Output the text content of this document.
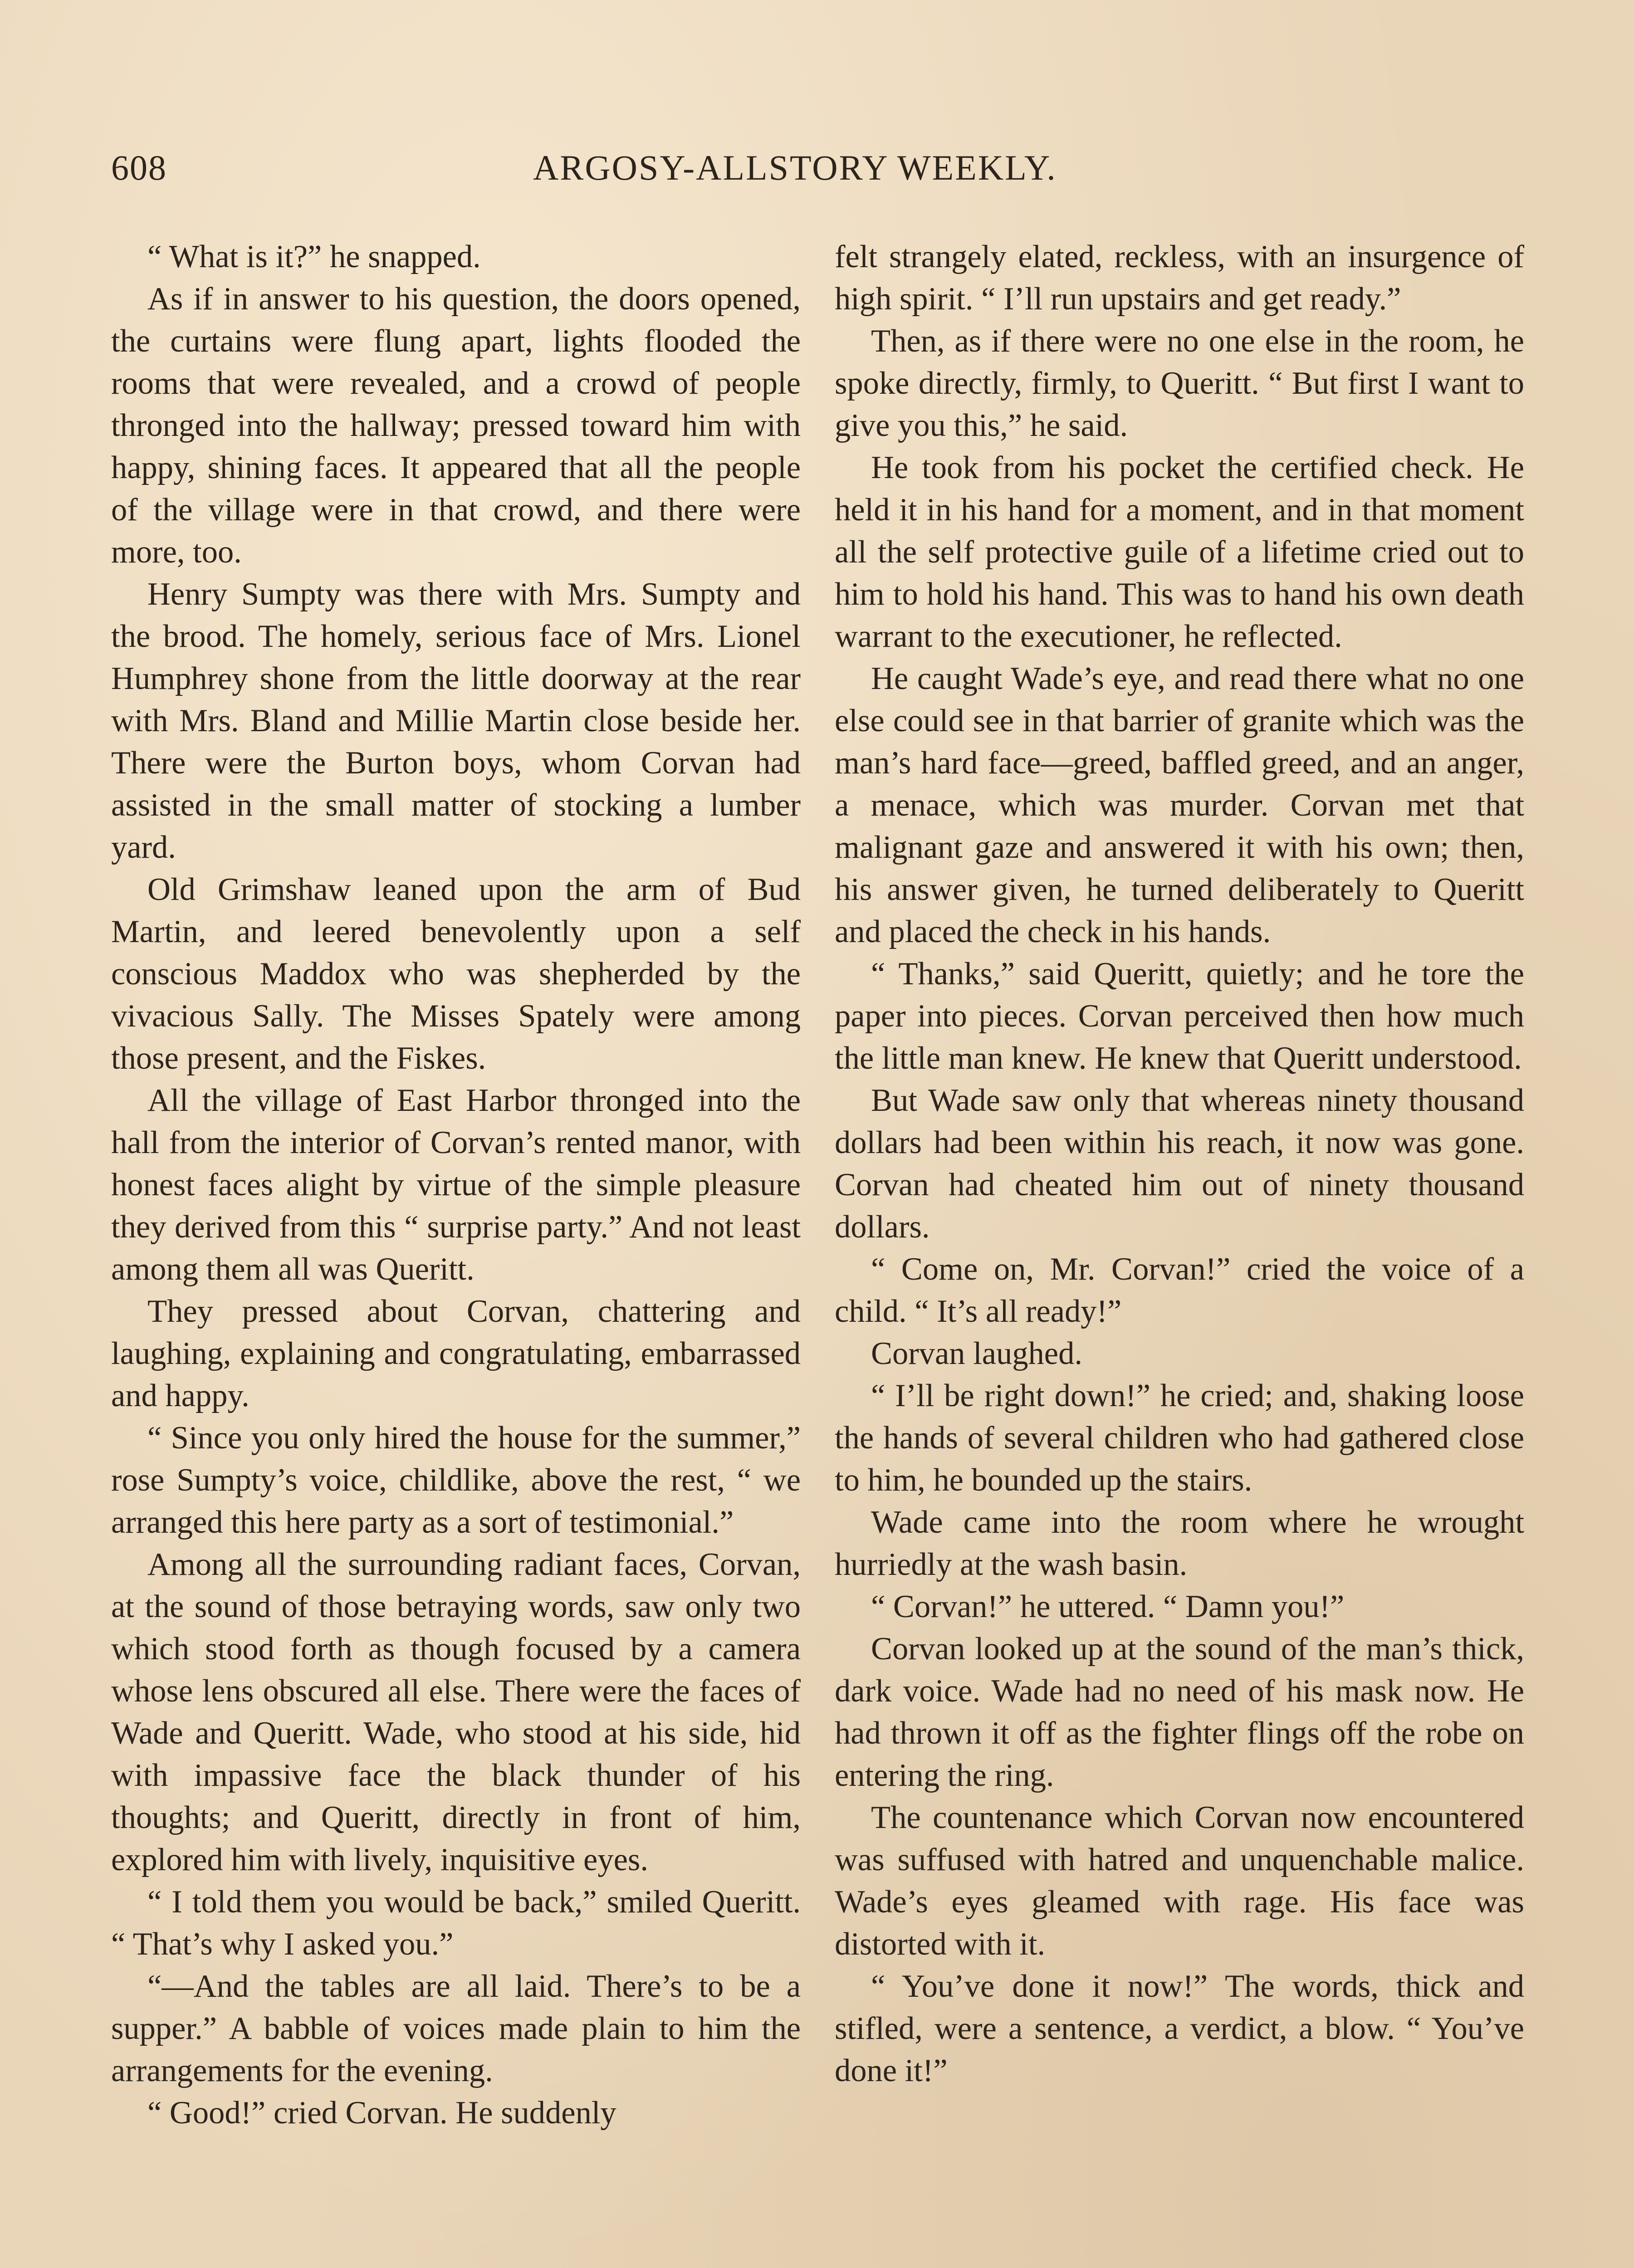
608	ARGOSY-ALLSTORY WEEKLY.

“ What is it?” he snapped.

As if in answer to his question, the doors opened, the curtains were flung apart, lights flooded the rooms that were revealed, and a crowd of people thronged into the hallway; pressed toward him with happy, shining faces. It appeared that all the people of the village were in that crowd, and there were more, too.

Henry Sumpty was there with Mrs. Sumpty and the brood. The homely, serious face of Mrs. Lionel Humphrey shone from the little doorway at the rear with Mrs. Bland and Millie Martin close beside her. There were the Burton boys, whom Corvan had assisted in the small matter of stocking a lumber yard.

Old Grimshaw leaned upon the arm of Bud Martin, and leered benevolently upon a self conscious Maddox who was shepherded by the vivacious Sally. The Misses Spately were among those present, and the Fiskes.

All the village of East Harbor thronged into the hall from the interior of Corvan’s rented manor, with honest faces alight by virtue of the simple pleasure they derived from this “ surprise party.” And not least among them all was Queritt.

They pressed about Corvan, chattering and laughing, explaining and congratulating, embarrassed and happy.

“ Since you only hired the house for the summer,” rose Sumpty’s voice, childlike, above the rest, “ we arranged this here party as a sort of testimonial.”

Among all the surrounding radiant faces, Corvan, at the sound of those betraying words, saw only two which stood forth as though focused by a camera whose lens obscured all else. There were the faces of Wade and Queritt. Wade, who stood at his side, hid with impassive face the black thunder of his thoughts; and Queritt, directly in front of him, explored him with lively, inquisitive eyes.

“ I told them you would be back,” smiled Queritt. “ That’s why I asked you.”

“—And the tables are all laid. There’s to be a supper.” A babble of voices made plain to him the arrangements for the evening.

“ Good!” cried Corvan. He suddenly

felt strangely elated, reckless, with an insurgence of high spirit. “ I’ll run upstairs and get ready.”

Then, as if there were no one else in the room, he spoke directly, firmly, to Queritt. “ But first I want to give you this,” he said.

He took from his pocket the certified check. He held it in his hand for a moment, and in that moment all the self protective guile of a lifetime cried out to him to hold his hand. This was to hand his own death warrant to the executioner, he reflected.

He caught Wade’s eye, and read there what no one else could see in that barrier of granite which was the man’s hard face—greed, baffled greed, and an anger, a menace, which was murder. Corvan met that malignant gaze and answered it with his own; then, his answer given, he turned deliberately to Queritt and placed the check in his hands.

“ Thanks,” said Queritt, quietly; and he tore the paper into pieces. Corvan perceived then how much the little man knew. He knew that Queritt understood.

But Wade saw only that whereas ninety thousand dollars had been within his reach, it now was gone. Corvan had cheated him out of ninety thousand dollars.

“ Come on, Mr. Corvan!” cried the voice of a child. “ It’s all ready!”

Corvan laughed.

“ I’ll be right down!” he cried; and, shaking loose the hands of several children who had gathered close to him, he bounded up the stairs.

Wade came into the room where he wrought hurriedly at the wash basin.

“ Corvan!” he uttered. “ Damn you!”

Corvan looked up at the sound of the man’s thick, dark voice. Wade had no need of his mask now. He had thrown it off as the fighter flings off the robe on entering the ring.

The countenance which Corvan now encountered was suffused with hatred and unquenchable malice. Wade’s eyes gleamed with rage. His face was distorted with it.

“ You’ve done it now!” The words, thick and stifled, were a sentence, a verdict, a blow. “ You’ve done it!”
